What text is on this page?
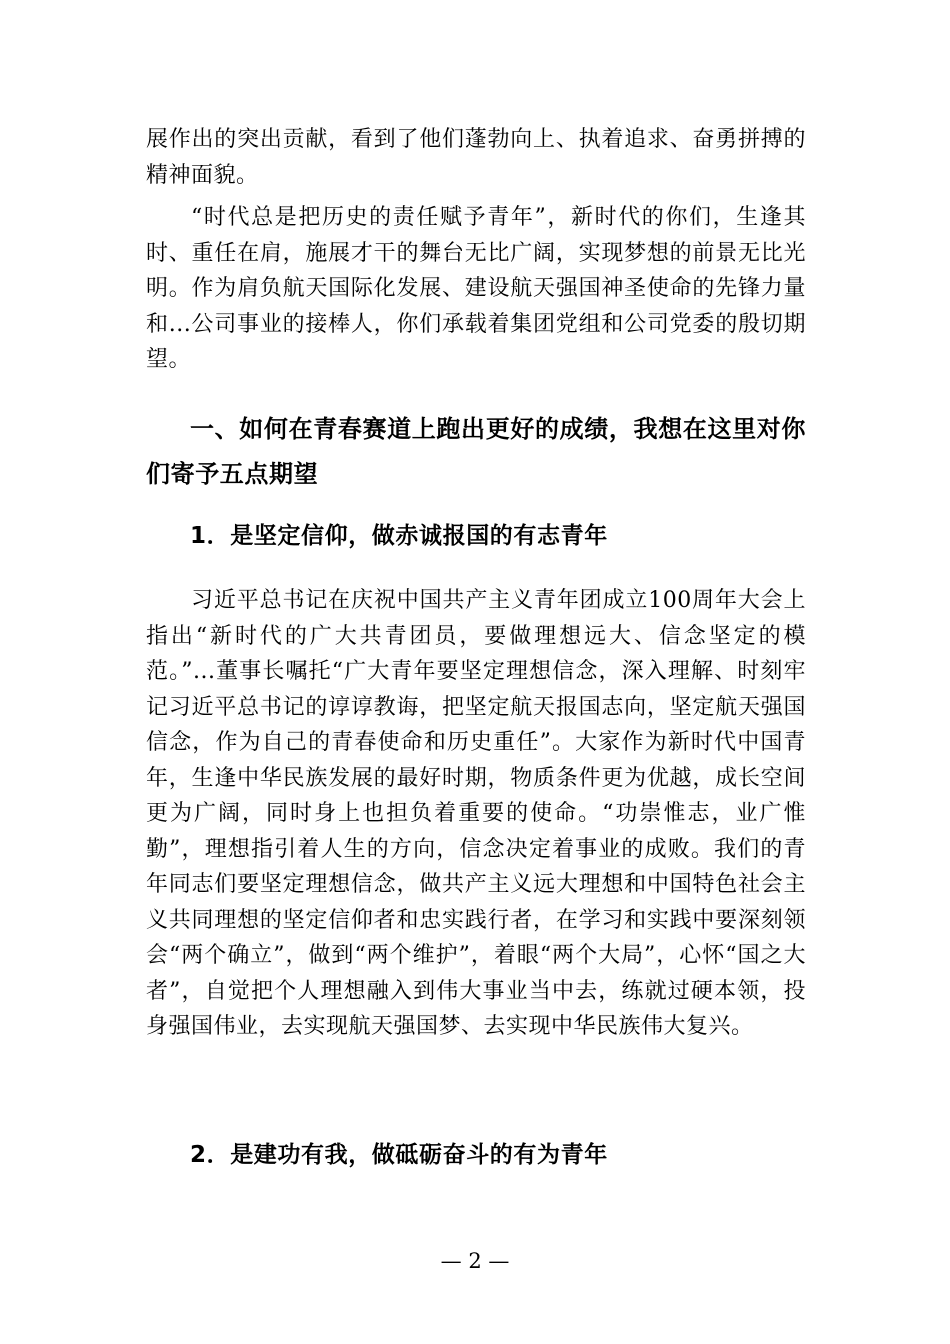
展作出的突出贡献，看到了他们蓬勃向上、执着追求、奋勇拼搏的精神面貌。

“时代总是把历史的责任赋予青年”，新时代的你们，生逢其时、重任在肩，施展才干的舞台无比广阔，实现梦想的前景无比光明。作为肩负航天国际化发展、建设航天强国神圣使命的先锋力量和...公司事业的接棒人，你们承载着集团党组和公司党委的殷切期望。

一、如何在青春赛道上跑出更好的成绩，我想在这里对你们寄予五点期望
1．是坚定信仰，做赤诚报国的有志青年

习近平总书记在庆祝中国共产主义青年团成立100周年大会上指出“新时代的广大共青团员，要做理想远大、信念坚定的模范。”...董事长嘱托“广大青年要坚定理想信念，深入理解、时刻牢记习近平总书记的谆谆教诲，把坚定航天报国志向，坚定航天强国信念，作为自己的青春使命和历史重任”。大家作为新时代中国青年，生逢中华民族发展的最好时期，物质条件更为优越，成长空间更为广阔，同时身上也担负着重要的使命。“功崇惟志，业广惟勤”，理想指引着人生的方向，信念决定着事业的成败。我们的青年同志们要坚定理想信念，做共产主义远大理想和中国特色社会主义共同理想的坚定信仰者和忠实践行者，在学习和实践中要深刻领会“两个确立”，做到“两个维护”，着眼“两个大局”，心怀“国之大者”，自觉把个人理想融入到伟大事业当中去，练就过硬本领，投身强国伟业，去实现航天强国梦、去实现中华民族伟大复兴。

2．是建功有我，做砥砺奋斗的有为青年
— 2 —
